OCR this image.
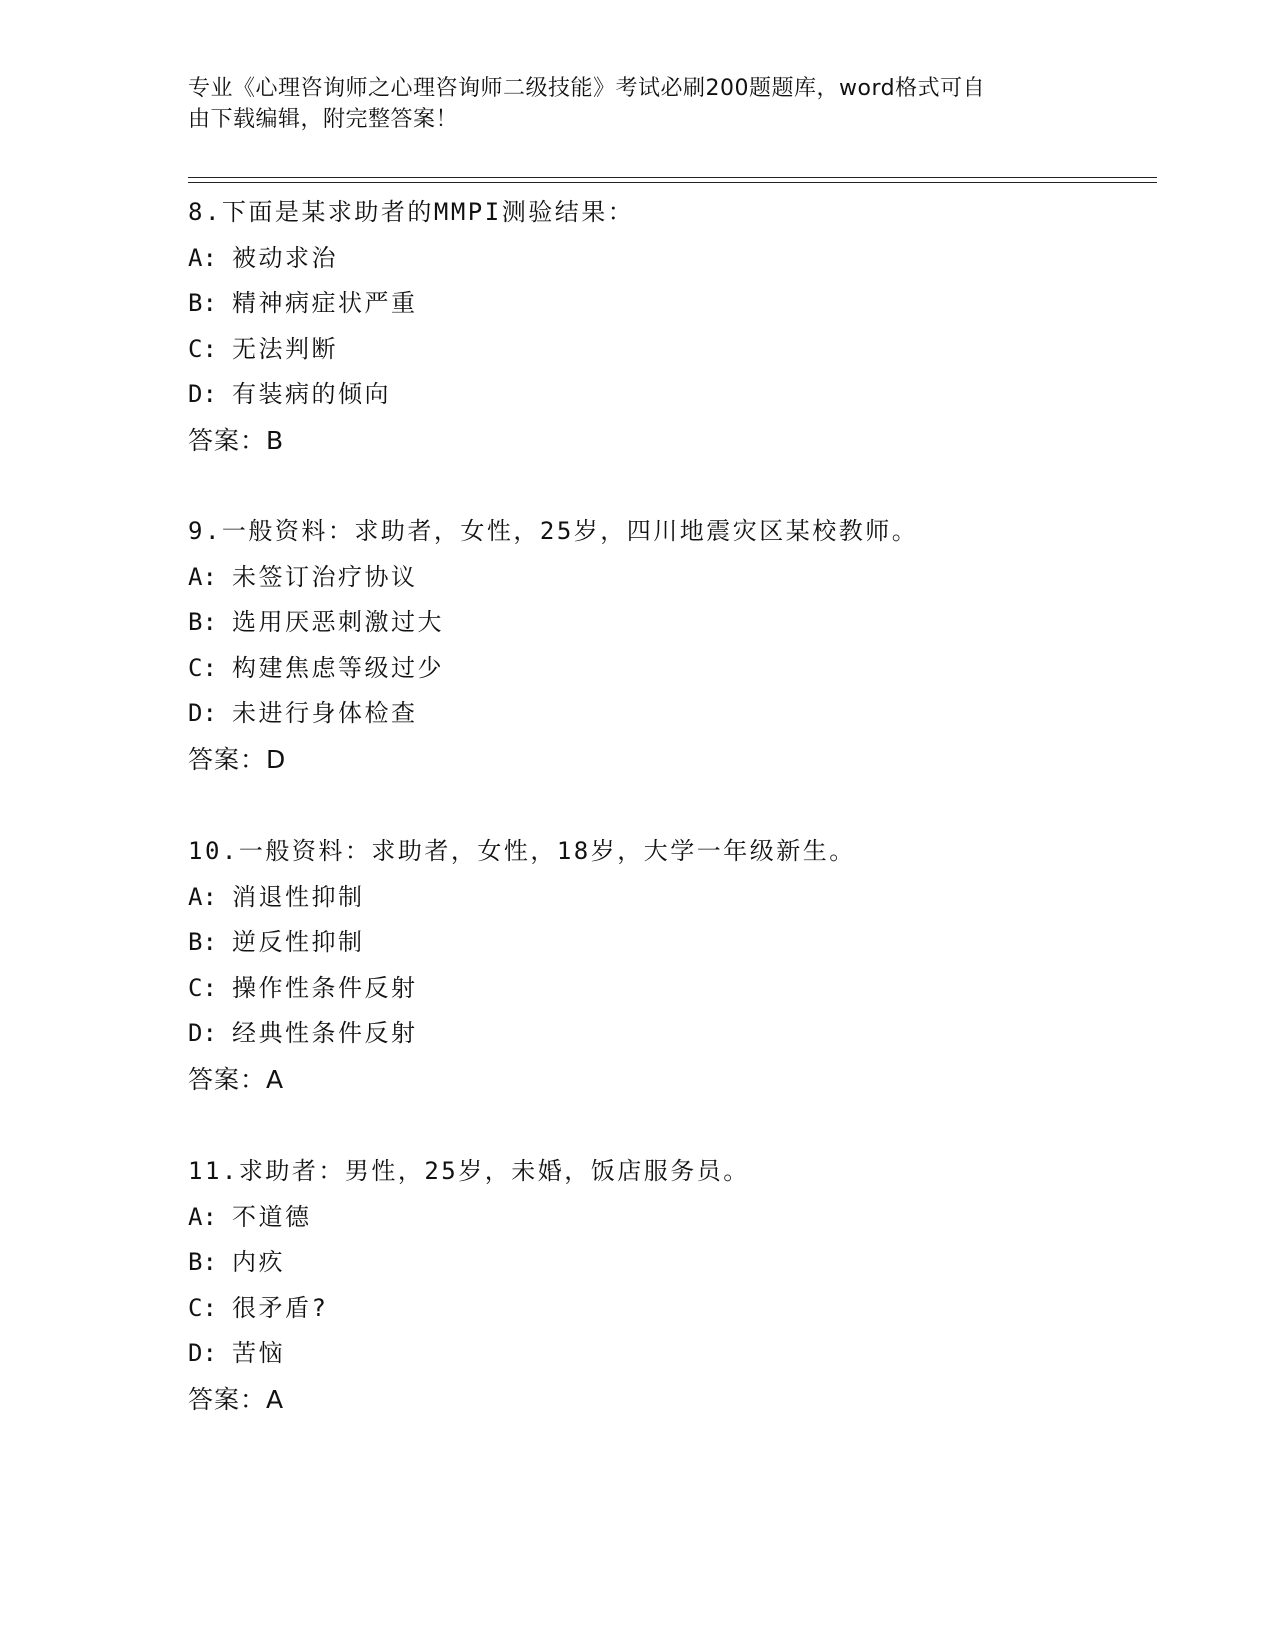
专业《心理咨询师之心理咨询师二级技能》考试必刷200题题库，word格式可自
由下载编辑，附完整答案！
8.下面是某求助者的MMPI测验结果：
A: 被动求治
B: 精神病症状严重
C: 无法判断
D: 有装病的倾向
答案：B
9.一般资料：求助者，女性，25岁，四川地震灾区某校教师。
A: 未签订治疗协议
B: 选用厌恶刺激过大
C: 构建焦虑等级过少
D: 未进行身体检查
答案：D
10.一般资料：求助者，女性，18岁，大学一年级新生。
A: 消退性抑制
B: 逆反性抑制
C: 操作性条件反射
D: 经典性条件反射
答案：A
11.求助者：男性，25岁，未婚，饭店服务员。
A: 不道德
B: 内疚
C: 很矛盾?
D: 苦恼
答案：A
